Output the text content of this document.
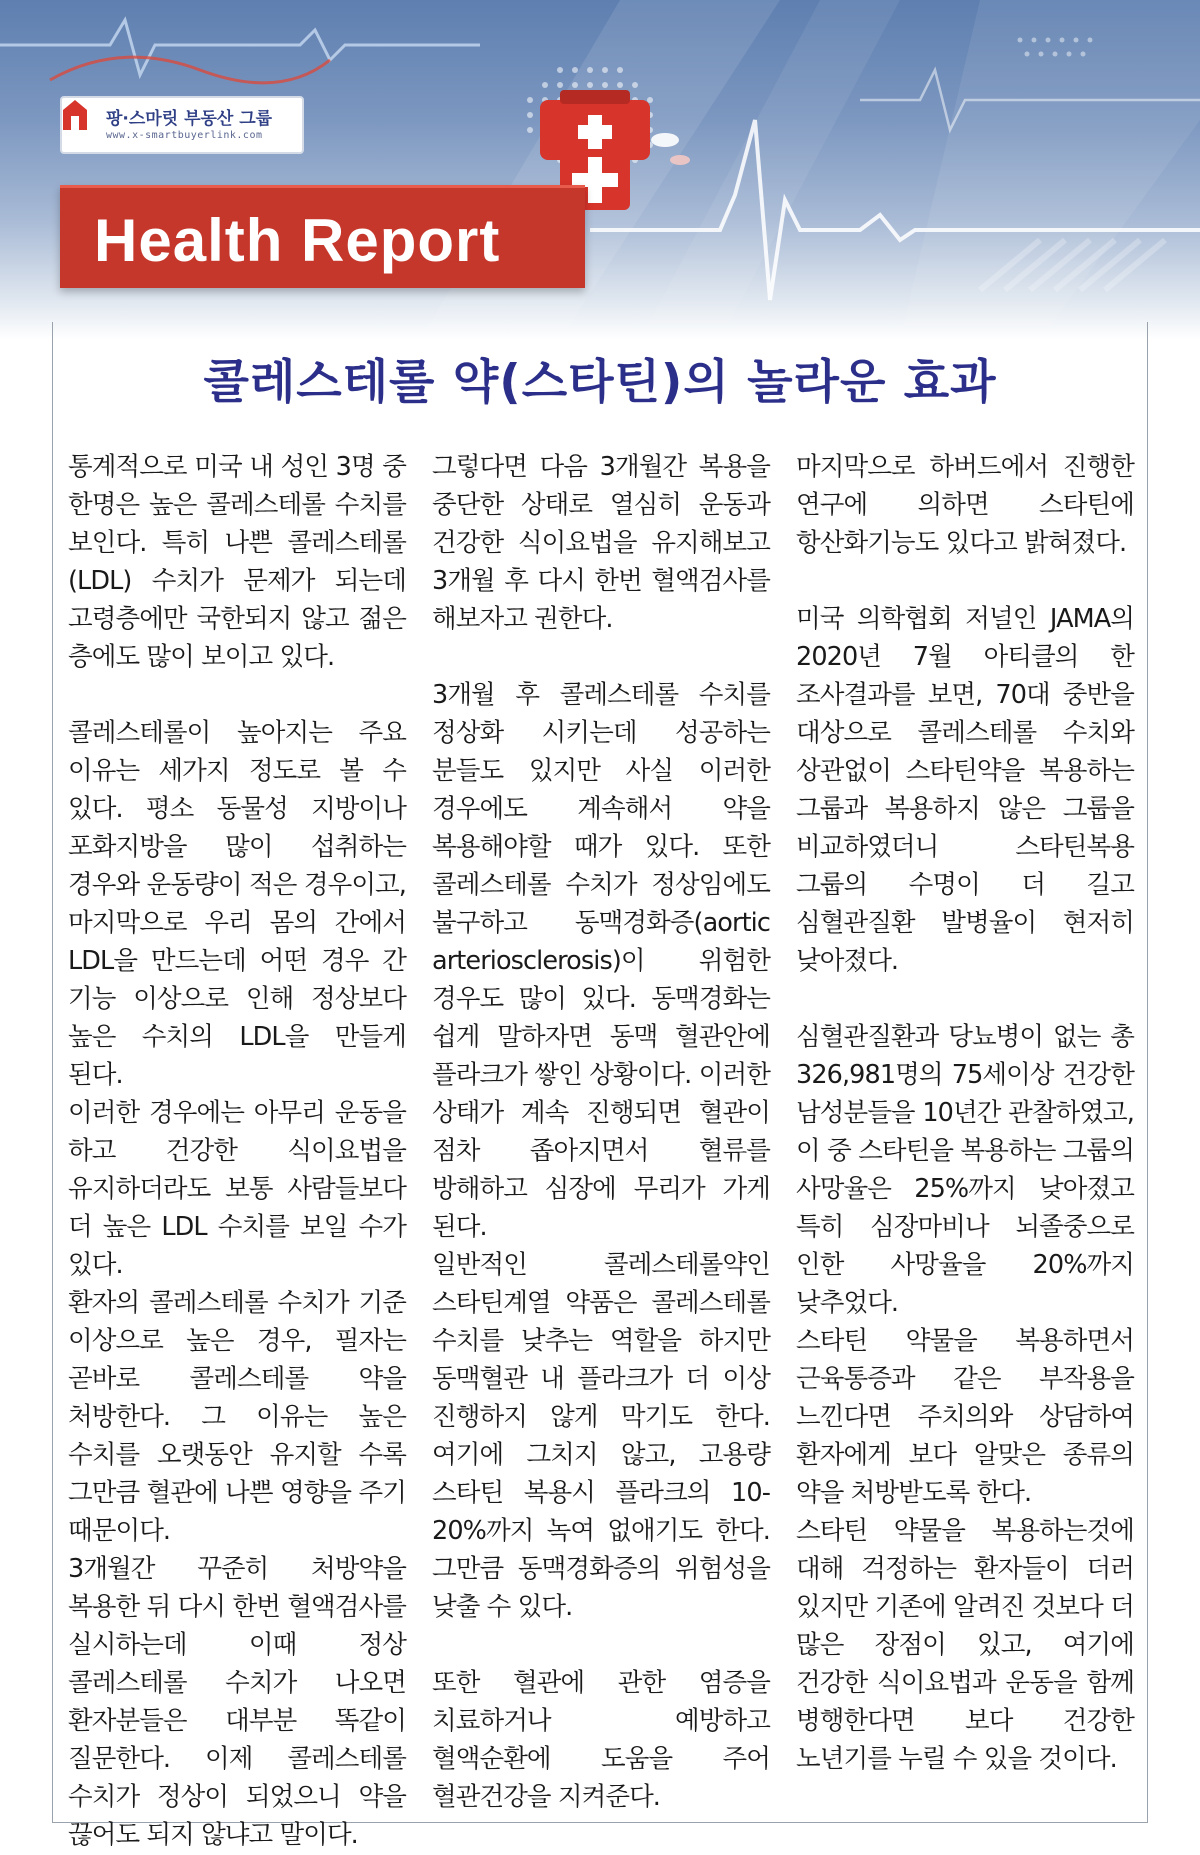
팡·스마릿 부동산 그룹
www.x-smartbuyerlink.com
Health Report
콜레스테롤 약(스타틴)의 놀라운 효과

통계적으로 미국 내 성인 3명 중 한명은 높은 콜레스테롤 수치를 보인다. 특히 나쁜 콜레스테롤(LDL) 수치가 문제가 되는데 고령층에만 국한되지 않고 젊은 층에도 많이 보이고 있다.

콜레스테롤이 높아지는 주요 이유는 세가지 정도로 볼 수 있다. 평소 동물성 지방이나 포화지방을 많이 섭취하는 경우와 운동량이 적은 경우이고, 마지막으로 우리 몸의 간에서 LDL을 만드는데 어떤 경우 간 기능 이상으로 인해 정상보다 높은 수치의 LDL을 만들게 된다.

이러한 경우에는 아무리 운동을 하고 건강한 식이요법을 유지하더라도 보통 사람들보다 더 높은 LDL 수치를 보일 수가 있다.

환자의 콜레스테롤 수치가 기준 이상으로 높은 경우, 필자는 곧바로 콜레스테롤 약을 처방한다. 그 이유는 높은 수치를 오랫동안 유지할 수록 그만큼 혈관에 나쁜 영향을 주기 때문이다.

3개월간 꾸준히 처방약을 복용한 뒤 다시 한번 혈액검사를 실시하는데 이때 정상 콜레스테롤 수치가 나오면 환자분들은 대부분 똑같이 질문한다. 이제 콜레스테롤 수치가 정상이 되었으니 약을 끊어도 되지 않냐고 말이다.

그렇다면 다음 3개월간 복용을 중단한 상태로 열심히 운동과 건강한 식이요법을 유지해보고 3개월 후 다시 한번 혈액검사를 해보자고 권한다.

3개월 후 콜레스테롤 수치를 정상화 시키는데 성공하는 분들도 있지만 사실 이러한 경우에도 계속해서 약을 복용해야할 때가 있다. 또한 콜레스테롤 수치가 정상임에도 불구하고 동맥경화증(aortic arteriosclerosis)이 위험한 경우도 많이 있다. 동맥경화는 쉽게 말하자면 동맥 혈관안에 플라크가 쌓인 상황이다. 이러한 상태가 계속 진행되면 혈관이 점차 좁아지면서 혈류를 방해하고 심장에 무리가 가게 된다.

일반적인 콜레스테롤약인 스타틴계열 약품은 콜레스테롤 수치를 낮추는 역할을 하지만 동맥혈관 내 플라크가 더 이상 진행하지 않게 막기도 한다. 여기에 그치지 않고, 고용량 스타틴 복용시 플라크의 10-20%까지 녹여 없애기도 한다. 그만큼 동맥경화증의 위험성을 낮출 수 있다.

또한 혈관에 관한 염증을 치료하거나 예방하고 혈액순환에 도움을 주어 혈관건강을 지켜준다.

마지막으로 하버드에서 진행한 연구에 의하면 스타틴에 항산화기능도 있다고 밝혀졌다.

미국 의학협회 저널인 JAMA의 2020년 7월 아티클의 한 조사결과를 보면, 70대 중반을 대상으로 콜레스테롤 수치와 상관없이 스타틴약을 복용하는 그룹과 복용하지 않은 그룹을 비교하였더니 스타틴복용 그룹의 수명이 더 길고 심혈관질환 발병율이 현저히 낮아졌다.

심혈관질환과 당뇨병이 없는 총 326,981명의 75세이상 건강한 남성분들을 10년간 관찰하였고, 이 중 스타틴을 복용하는 그룹의 사망율은 25%까지 낮아졌고 특히 심장마비나 뇌졸중으로 인한 사망율을 20%까지 낮추었다.

스타틴 약물을 복용하면서 근육통증과 같은 부작용을 느낀다면 주치의와 상담하여 환자에게 보다 알맞은 종류의 약을 처방받도록 한다.

스타틴 약물을 복용하는것에 대해 걱정하는 환자들이 더러 있지만 기존에 알려진 것보다 더 많은 장점이 있고, 여기에 건강한 식이요법과 운동을 함께 병행한다면 보다 건강한 노년기를 누릴 수 있을 것이다.
